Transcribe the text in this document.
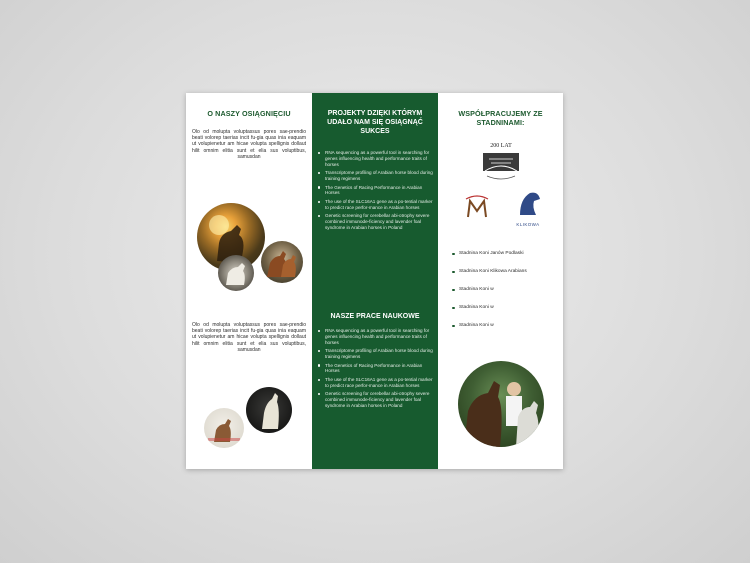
O NASZY OSIĄGNIĘCIU
Olo od molupta voluptassus pores sae-prendio beati volorep taerias incit fu-gia quas inia eaquam ut volupienetur am hicae volupta spellignis dollaut hilit omnim elitia sunt et elia sus voluptibus, samusdan
Olo od molupta voluptassus pores sae-prendio beati volorep taerias incit fu-gia quas inia eaquam ut volupienetur am hicae volupta spellignis dollaut hilit omnim elitia sunt et elia sus voluptibus, samusdan
PROJEKTY DZIĘKI KTÓRYM UDAŁO NAM SIĘ OSIĄGNĄĆ SUKCES
RNA sequencing as a powerful tool in searching for genes influencing health and performance traits of horses
Transcriptome profiling of Arabian horse blood during training regimens
The Genetics of Racing Performance in Arabian Horses
The use of the SLC16A1 gene as a po-tential marker to predict race perfor-mance in Arabian horses
Genetic screening for cerebellar abi-otrophy severe combined immunode-ficiency and lavender foal syndrome in Arabian horses in Poland
NASZE PRACE NAUKOWE
RNA sequencing as a powerful tool in searching for genes influencing health and performance traits of horses
Transcriptome profiling of Arabian horse blood during training regimens
The Genetics of Racing Performance in Arabian Horses
The use of the SLC16A1 gene as a po-tential marker to predict race perfor-mance in Arabian horses
Genetic screening for cerebellar abi-otrophy severe combined immunode-ficiency and lavender foal syndrome in Arabian horses in Poland
WSPÓŁPRACUJEMY ZE STADNINAMI:
200 LAT
KLIKOWA
Stadnina Koni Janów Podlaski
Stadnina Koni Klikowa Arabians
Stadnina Koni w
Stadnina Koni w
Stadnina Koni w
